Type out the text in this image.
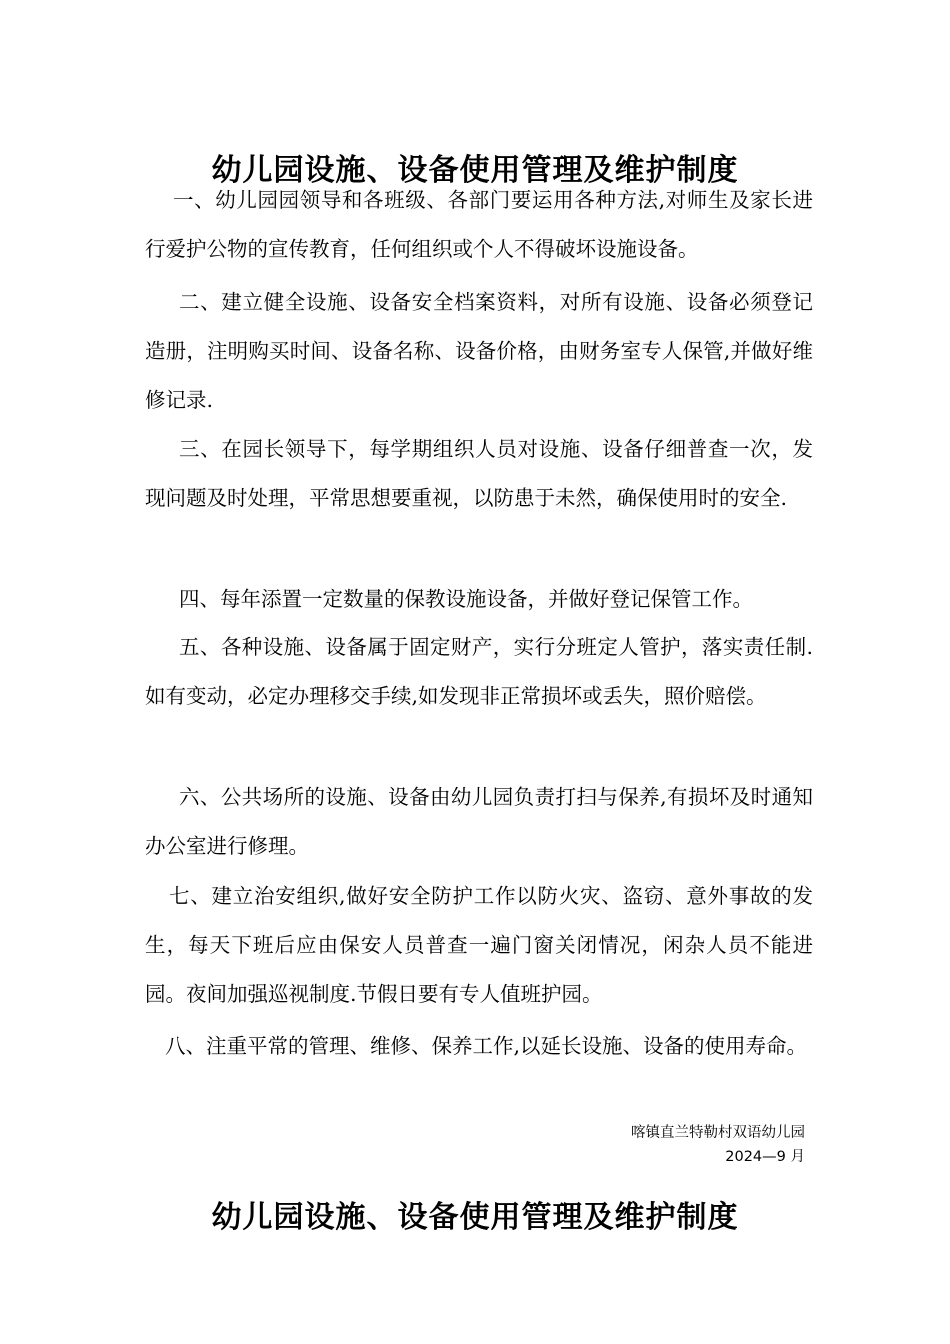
幼儿园设施、设备使用管理及维护制度

一、幼儿园园领导和各班级、各部门要运用各种方法,对师生及家长进行爱护公物的宣传教育，任何组织或个人不得破坏设施设备。

二、建立健全设施、设备安全档案资料，对所有设施、设备必须登记造册，注明购买时间、设备名称、设备价格，由财务室专人保管,并做好维修记录.

三、在园长领导下，每学期组织人员对设施、设备仔细普查一次，发现问题及时处理，平常思想要重视，以防患于未然，确保使用时的安全.

四、每年添置一定数量的保教设施设备，并做好登记保管工作。

五、各种设施、设备属于固定财产，实行分班定人管护，落实责任制.如有变动，必定办理移交手续,如发现非正常损坏或丢失，照价赔偿。

六、公共场所的设施、设备由幼儿园负责打扫与保养,有损坏及时通知办公室进行修理。

七、建立治安组织,做好安全防护工作以防火灾、盗窃、意外事故的发生，每天下班后应由保安人员普查一遍门窗关闭情况，闲杂人员不能进园。夜间加强巡视制度.节假日要有专人值班护园。

八、注重平常的管理、维修、保养工作,以延长设施、设备的使用寿命。

喀镇直兰特勒村双语幼儿园
2024—9 月
幼儿园设施、设备使用管理及维护制度
